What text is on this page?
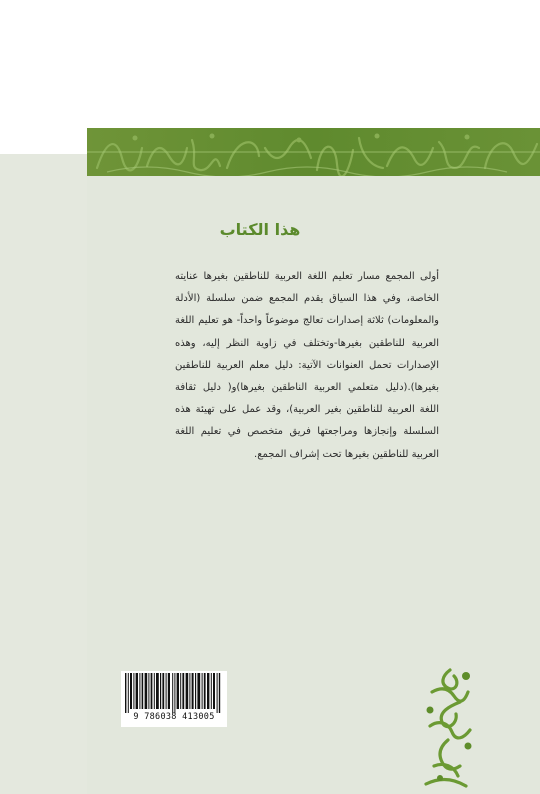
هذا الكتاب

أولى المجمع مسار تعليم اللغة العربية للناطقين بغيرها عنايته الخاصة، وفي هذا السياق يقدم المجمع ضمن سلسلة (الأدلة والمعلومات) ثلاثة إصدارات تعالج موضوعاً واحداً- هو تعليم اللغة العربية للناطقين بغيرها-وتختلف في زاوية النظر إليه، وهذه الإصدارات تحمل العنوانات الآتية: دليل معلم العربية للناطقين بغيرها).(دليل متعلمي العربية الناطقين بغيرها)و( دليل ثقافة اللغة العربية للناطقين بغير العربية)، وقد عمل على تهيئة هذه السلسلة وإنجازها ومراجعتها فريق متخصص في تعليم اللغة العربية للناطقين بغيرها تحت إشراف المجمع.

9 786038 413005
